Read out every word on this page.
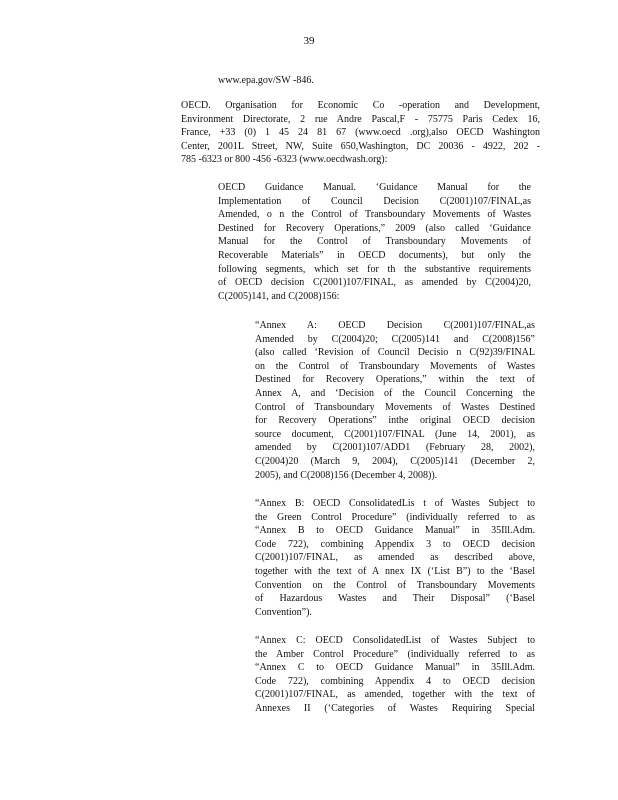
39
www.epa.gov/SW -846.
OECD. Organisation for Economic Co -operation and Development,
Environment Directorate, 2 rue Andre Pascal,F - 75775 Paris Cedex 16,
France, +33 (0) 1 45 24 81 67 (www.oecd .org),also OECD Washington
Center, 2001L Street, NW, Suite 650,Washington, DC 20036 - 4922, 202 -
785 -6323 or 800 -456 -6323 (www.oecdwash.org):
OECD Guidance Manual. ‘Guidance Manual for the
Implementation of Council Decision C(2001)107/FINAL,as
Amended, o n the Control of Transboundary Movements of Wastes
Destined for Recovery Operations,” 2009 (also called ‘Guidance
Manual for the Control of Transboundary Movements of
Recoverable Materials” in OECD documents), but only the
following segments, which set for th the substantive requirements
of OECD decision C(2001)107/FINAL, as amended by C(2004)20,
C(2005)141, and C(2008)156:
“Annex A: OECD Decision C(2001)107/FINAL,as
Amended by C(2004)20; C(2005)141 and C(2008)156”
(also called ‘Revision of Council Decisio n C(92)39/FINAL
on the Control of Transboundary Movements of Wastes
Destined for Recovery Operations,” within the text of
Annex A, and ‘Decision of the Council Concerning the
Control of Transboundary Movements of Wastes Destined
for Recovery Operations” inthe original OECD decision
source document, C(2001)107/FINAL (June 14, 2001), as
amended by C(2001)107/ADD1 (February 28, 2002),
C(2004)20 (March 9, 2004), C(2005)141 (December 2,
2005), and C(2008)156 (December 4, 2008)).
“Annex B: OECD ConsolidatedLis t of Wastes Subject to
the Green Control Procedure” (individually referred to as
“Annex B to OECD Guidance Manual” in 35Ill.Adm.
Code 722), combining Appendix 3 to OECD decision
C(2001)107/FINAL, as amended as described above,
together with the text of A nnex IX (‘List B”) to the ‘Basel
Convention on the Control of Transboundary Movements
of Hazardous Wastes and Their Disposal” (‘Basel
Convention”).
“Annex C: OECD ConsolidatedList of Wastes Subject to
the Amber Control Procedure” (individually referred to as
“Annex C to OECD Guidance Manual” in 35Ill.Adm.
Code 722), combining Appendix 4 to OECD decision
C(2001)107/FINAL, as amended, together with the text of
Annexes II (‘Categories of Wastes Requiring Special
